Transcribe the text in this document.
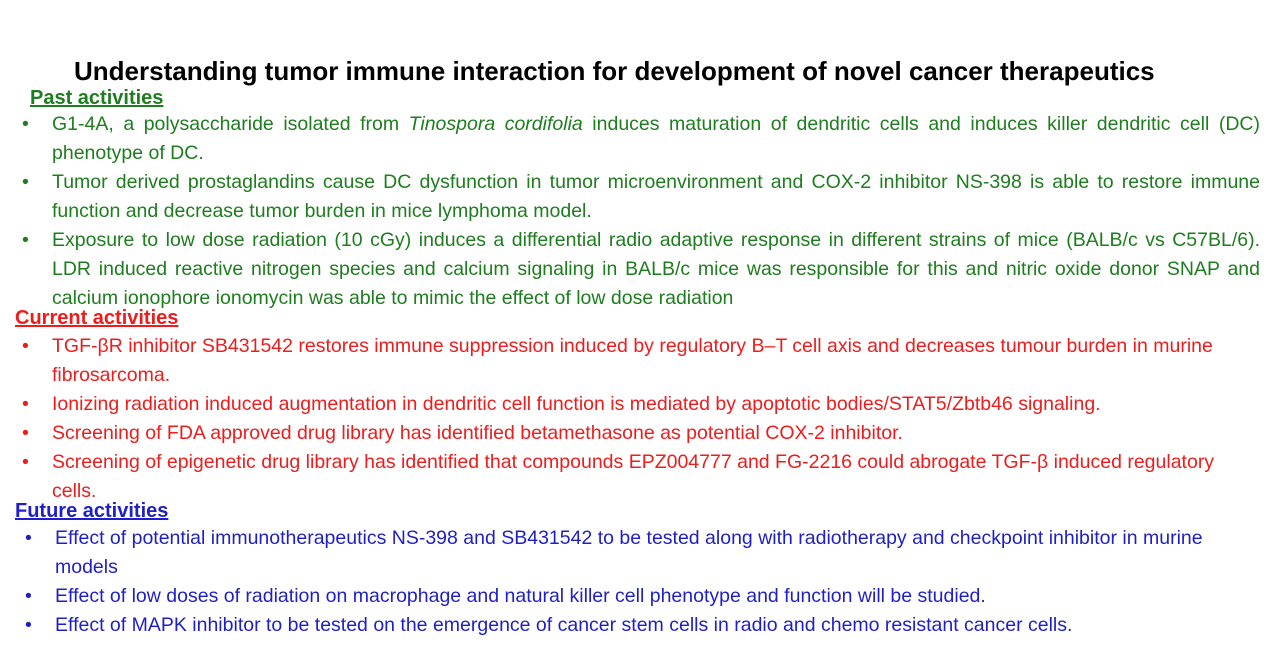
Understanding tumor immune interaction for development of novel cancer therapeutics
Past activities
• G1-4A, a polysaccharide isolated from Tinospora cordifolia induces maturation of dendritic cells and induces killer dendritic cell (DC) phenotype of DC.
• Tumor derived prostaglandins cause DC dysfunction in tumor microenvironment and COX-2 inhibitor NS-398 is able to restore immune function and decrease tumor burden in mice lymphoma model.
• Exposure to low dose radiation (10 cGy) induces a differential radio adaptive response in different strains of mice (BALB/c vs C57BL/6). LDR induced reactive nitrogen species and calcium signaling in BALB/c mice was responsible for this and nitric oxide donor SNAP and calcium ionophore ionomycin was able to mimic the effect of low dose radiation
Current activities
• TGF-βR inhibitor SB431542 restores immune suppression induced by regulatory B–T cell axis and decreases tumour burden in murine fibrosarcoma.
• Ionizing radiation induced augmentation in dendritic cell function is mediated by apoptotic bodies/STAT5/Zbtb46 signaling.
• Screening of FDA approved drug library has identified betamethasone as potential COX-2 inhibitor.
• Screening of epigenetic drug library has identified that compounds EPZ004777 and FG-2216 could abrogate TGF-β induced regulatory cells.
Future activities
• Effect of potential immunotherapeutics NS-398 and SB431542 to be tested along with radiotherapy and checkpoint inhibitor in murine models
• Effect of low doses of radiation on macrophage and natural killer cell phenotype and function will be studied.
• Effect of MAPK inhibitor to be tested on the emergence of cancer stem cells in radio and chemo resistant cancer cells.
